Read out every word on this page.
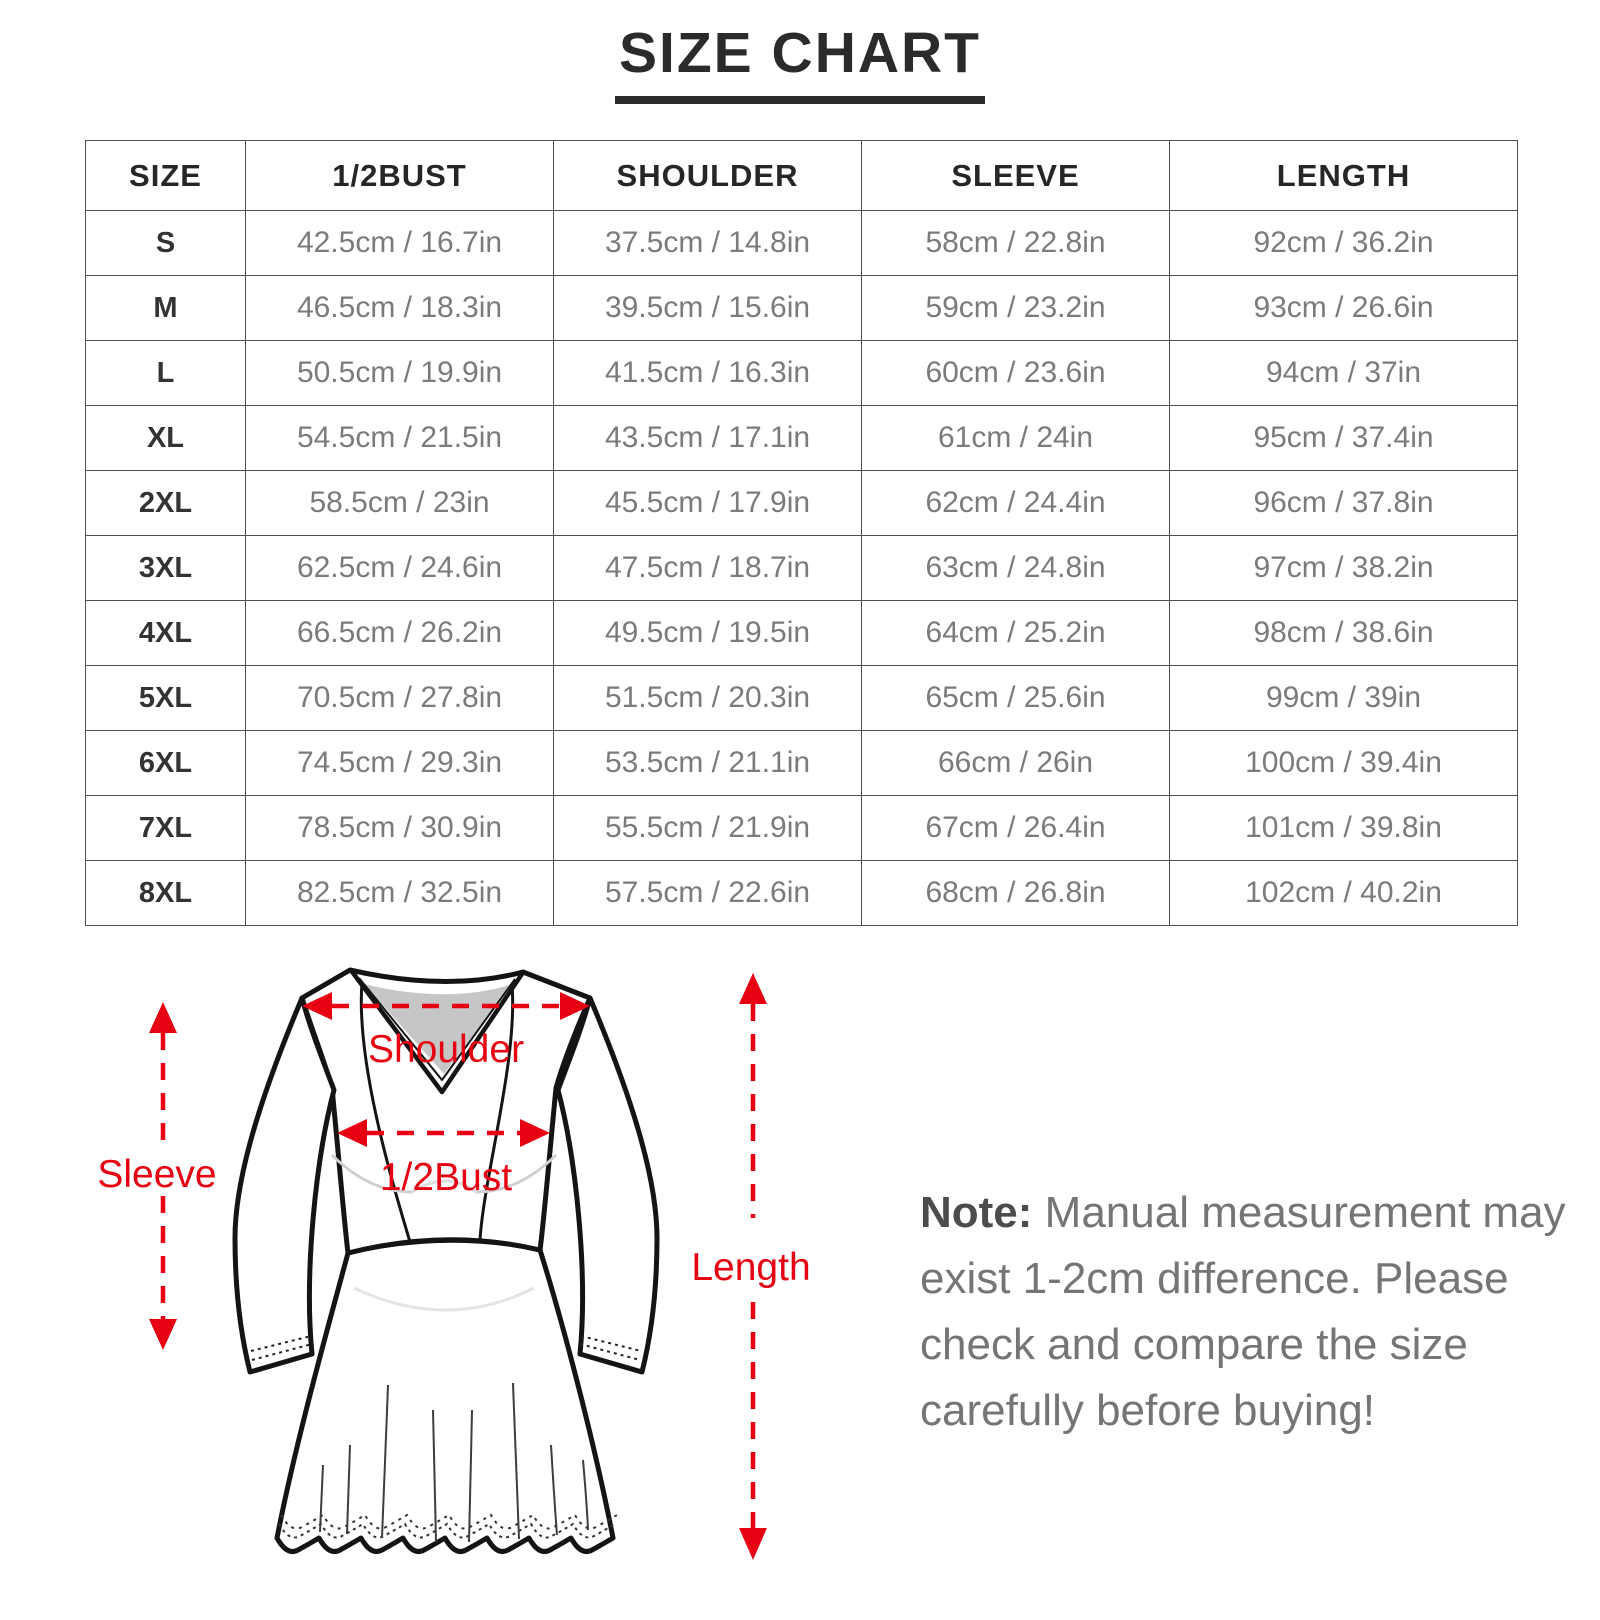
SIZE CHART
SIZE	1/2BUST	SHOULDER	SLEEVE	LENGTH
S	42.5cm / 16.7in	37.5cm / 14.8in	58cm / 22.8in	92cm / 36.2in
M	46.5cm / 18.3in	39.5cm / 15.6in	59cm / 23.2in	93cm / 26.6in
L	50.5cm / 19.9in	41.5cm / 16.3in	60cm / 23.6in	94cm / 37in
XL	54.5cm / 21.5in	43.5cm / 17.1in	61cm / 24in	95cm / 37.4in
2XL	58.5cm / 23in	45.5cm / 17.9in	62cm / 24.4in	96cm / 37.8in
3XL	62.5cm / 24.6in	47.5cm / 18.7in	63cm / 24.8in	97cm / 38.2in
4XL	66.5cm / 26.2in	49.5cm / 19.5in	64cm / 25.2in	98cm / 38.6in
5XL	70.5cm / 27.8in	51.5cm / 20.3in	65cm / 25.6in	99cm / 39in
6XL	74.5cm / 29.3in	53.5cm / 21.1in	66cm / 26in	100cm / 39.4in
7XL	78.5cm / 30.9in	55.5cm / 21.9in	67cm / 26.4in	101cm / 39.8in
8XL	82.5cm / 32.5in	57.5cm / 22.6in	68cm / 26.8in	102cm / 40.2in
Shoulder
1/2Bust
Sleeve
Length
Note: Manual measurement may exist 1-2cm difference. Please check and compare the size carefully before buying!
